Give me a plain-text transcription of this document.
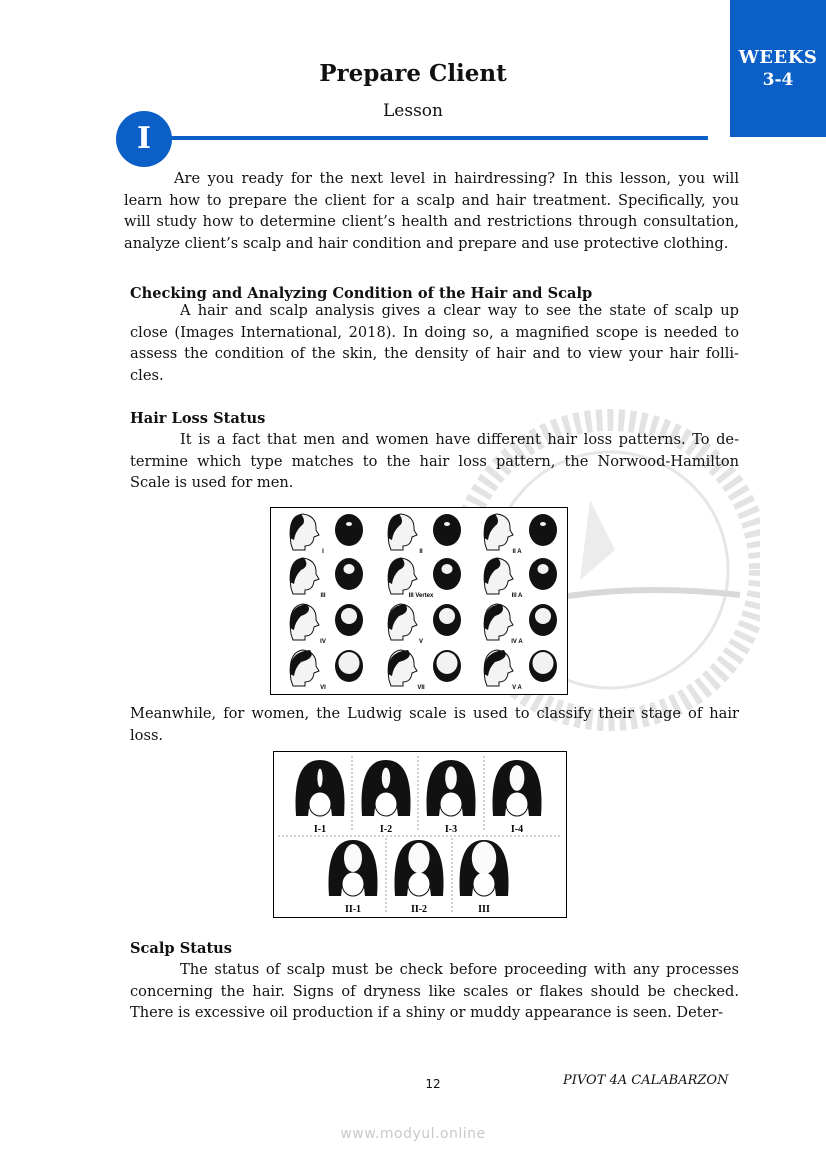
WEEKS
3-4
Prepare Client
Lesson
I

Are you ready for the next level in hairdressing? In this lesson, you will learn how to prepare the client for a scalp and hair treatment. Specifically, you will study how to determine client’s health and restrictions through consultation, analyze client’s scalp and hair condition and prepare and use protective clothing.

Checking and Analyzing Condition of the Hair and Scalp

A hair and scalp analysis gives a clear way to see the state of scalp up close (Images International, 2018). In doing so, a magnified scope is needed to assess the condition of the skin, the density of hair and to view your hair folli-cles.

Hair Loss Status

It is a fact that men and women have different hair loss patterns. To de-termine which type matches to the hair loss pattern, the Norwood-Hamilton Scale is used for men.

I	II	II A
III	III Vertex	III A
IV	V	IV A
VI	VII	V A

Meanwhile, for women, the Ludwig scale is used to classify their stage of hair loss.

I-1	I-2	I-3	I-4
II-1	II-2	III

Scalp Status

The status of scalp must be check before proceeding with any processes concerning the hair. Signs of dryness like scales or flakes should be checked. There is excessive oil production if a shiny or muddy appearance is seen. Deter-

12	PIVOT 4A CALABARZON
www.modyul.online
